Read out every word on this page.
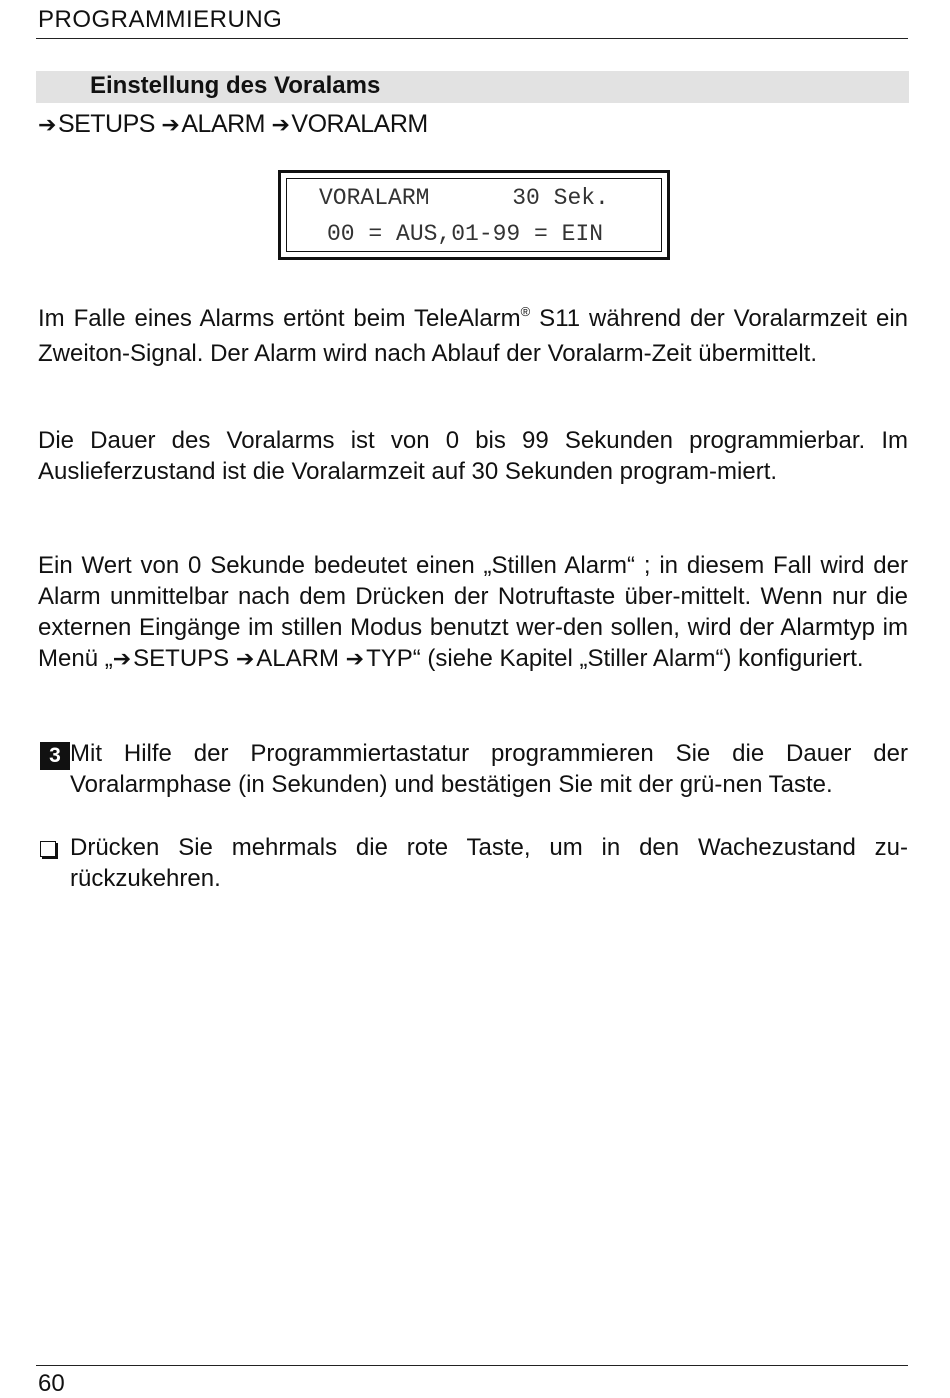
PROGRAMMIERUNG
Einstellung des Voralams
➔SETUPS ➔ALARM ➔VORALARM
VORALARM      30 Sek.
00 = AUS,01-99 = EIN
Im Falle eines Alarms ertönt beim TeleAlarm® S11 während der Voralarmzeit ein Zweiton-Signal. Der Alarm wird nach Ablauf der Voralarm-Zeit übermittelt.
Die Dauer des Voralarms ist von 0 bis 99 Sekunden programmierbar. Im Auslieferzustand ist die Voralarmzeit auf 30 Sekunden program-miert.
Ein Wert von 0 Sekunde bedeutet einen „Stillen Alarm“ ; in diesem Fall wird der Alarm unmittelbar nach dem Drücken der Notruftaste über-mittelt. Wenn nur die externen Eingänge im stillen Modus benutzt wer-den sollen, wird der Alarmtyp im Menü „➔SETUPS ➔ALARM ➔TYP“ (siehe Kapitel „Stiller Alarm“) konfiguriert.
3 Mit Hilfe der Programmiertastatur programmieren Sie die Dauer der Voralarmphase (in Sekunden) und bestätigen Sie mit der grü-nen Taste.
Drücken Sie mehrmals die rote Taste, um in den Wachezustand zu-rückzukehren.
60
